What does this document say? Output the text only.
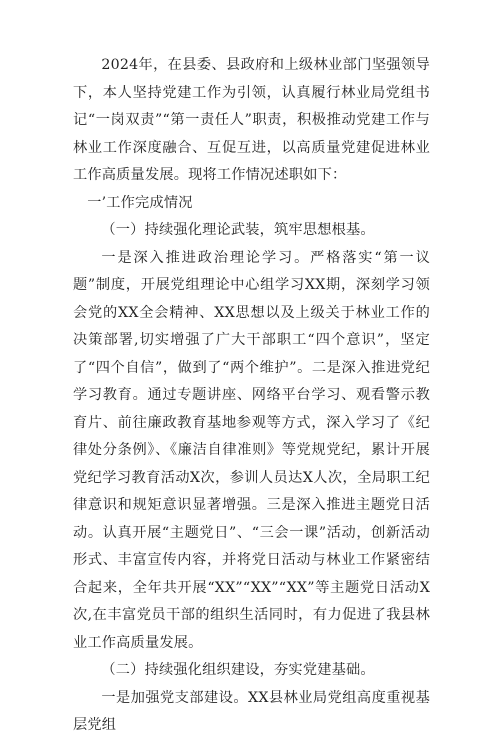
2024年，在县委、县政府和上级林业部门坚强领导下，本人坚持党建工作为引领，认真履行林业局党组书记“一岗双责”“第一责任人”职责，积极推动党建工作与林业工作深度融合、互促互进，以高质量党建促进林业工作高质量发展。现将工作情况述职如下：

一’工作完成情况

（一）持续强化理论武装，筑牢思想根基。

一是深入推进政治理论学习。严格落实“第一议题”制度，开展党组理论中心组学习XX期，深刻学习领会党的XX全会精神、XX思想以及上级关于林业工作的决策部署,切实增强了广大干部职工“四个意识”，坚定了“四个自信”，做到了“两个维护”。二是深入推进党纪学习教育。通过专题讲座、网络平台学习、观看警示教育片、前往廉政教育基地参观等方式，深入学习了《纪律处分条例》、《廉洁自律准则》等党规党纪，累计开展党纪学习教育活动X次，参训人员达X人次，全局职工纪律意识和规矩意识显著增强。三是深入推进主题党日活动。认真开展“主题党日”、“三会一课”活动，创新活动形式、丰富宣传内容，并将党日活动与林业工作紧密结合起来，全年共开展“XX”“XX”“XX”等主题党日活动X次,在丰富党员干部的组织生活同时，有力促进了我县林业工作高质量发展。

（二）持续强化组织建设，夯实党建基础。

一是加强党支部建设。XX县林业局党组高度重视基层党组
